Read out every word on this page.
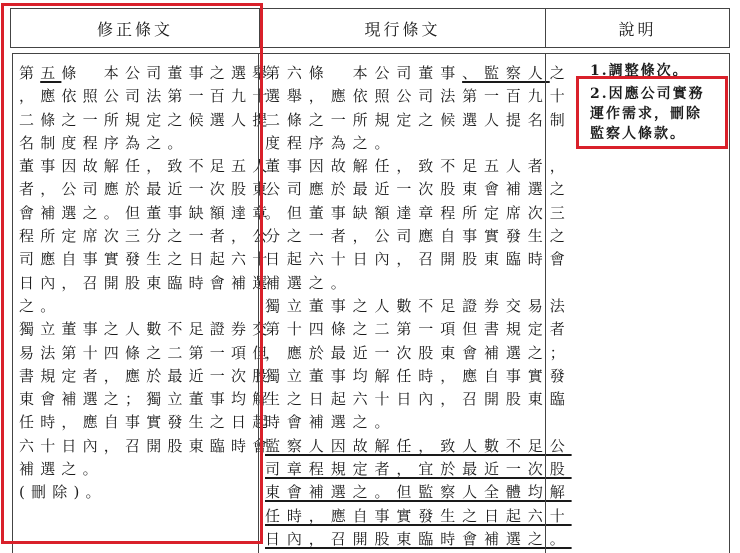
修正條文	現行條文	說明
第五條　本公司董事之選舉
，應依照公司法第一百九十
二條之一所規定之候選人提
名制度程序為之。
董事因故解任，致不足五人
者，公司應於最近一次股東
會補選之。但董事缺額達章
程所定席次三分之一者，公
司應自事實發生之日起六十
日內，召開股東臨時會補選
之。
獨立董事之人數不足證券交
易法第十四條之二第一項但
書規定者，應於最近一次股
東會補選之；獨立董事均解
任時，應自事實發生之日起
六十日內，召開股東臨時會
補選之。
(刪除)。
第六條　本公司董事、監察人之
選舉，應依照公司法第一百九十
二條之一所規定之候選人提名制
度程序為之。
董事因故解任，致不足五人者，
公司應於最近一次股東會補選之
。但董事缺額達章程所定席次三
分之一者，公司應自事實發生之
日起六十日內，召開股東臨時會
補選之。
獨立董事之人數不足證券交易法
第十四條之二第一項但書規定者
，應於最近一次股東會補選之；
獨立董事均解任時，應自事實發
生之日起六十日內，召開股東臨
時會補選之。
監察人因故解任，致人數不足公
司章程規定者，宜於最近一次股
東會補選之。但監察人全體均解
任時，應自事實發生之日起六十
日內，召開股東臨時會補選之。
1.調整條次。
2.因應公司實務
運作需求，刪除
監察人條款。
